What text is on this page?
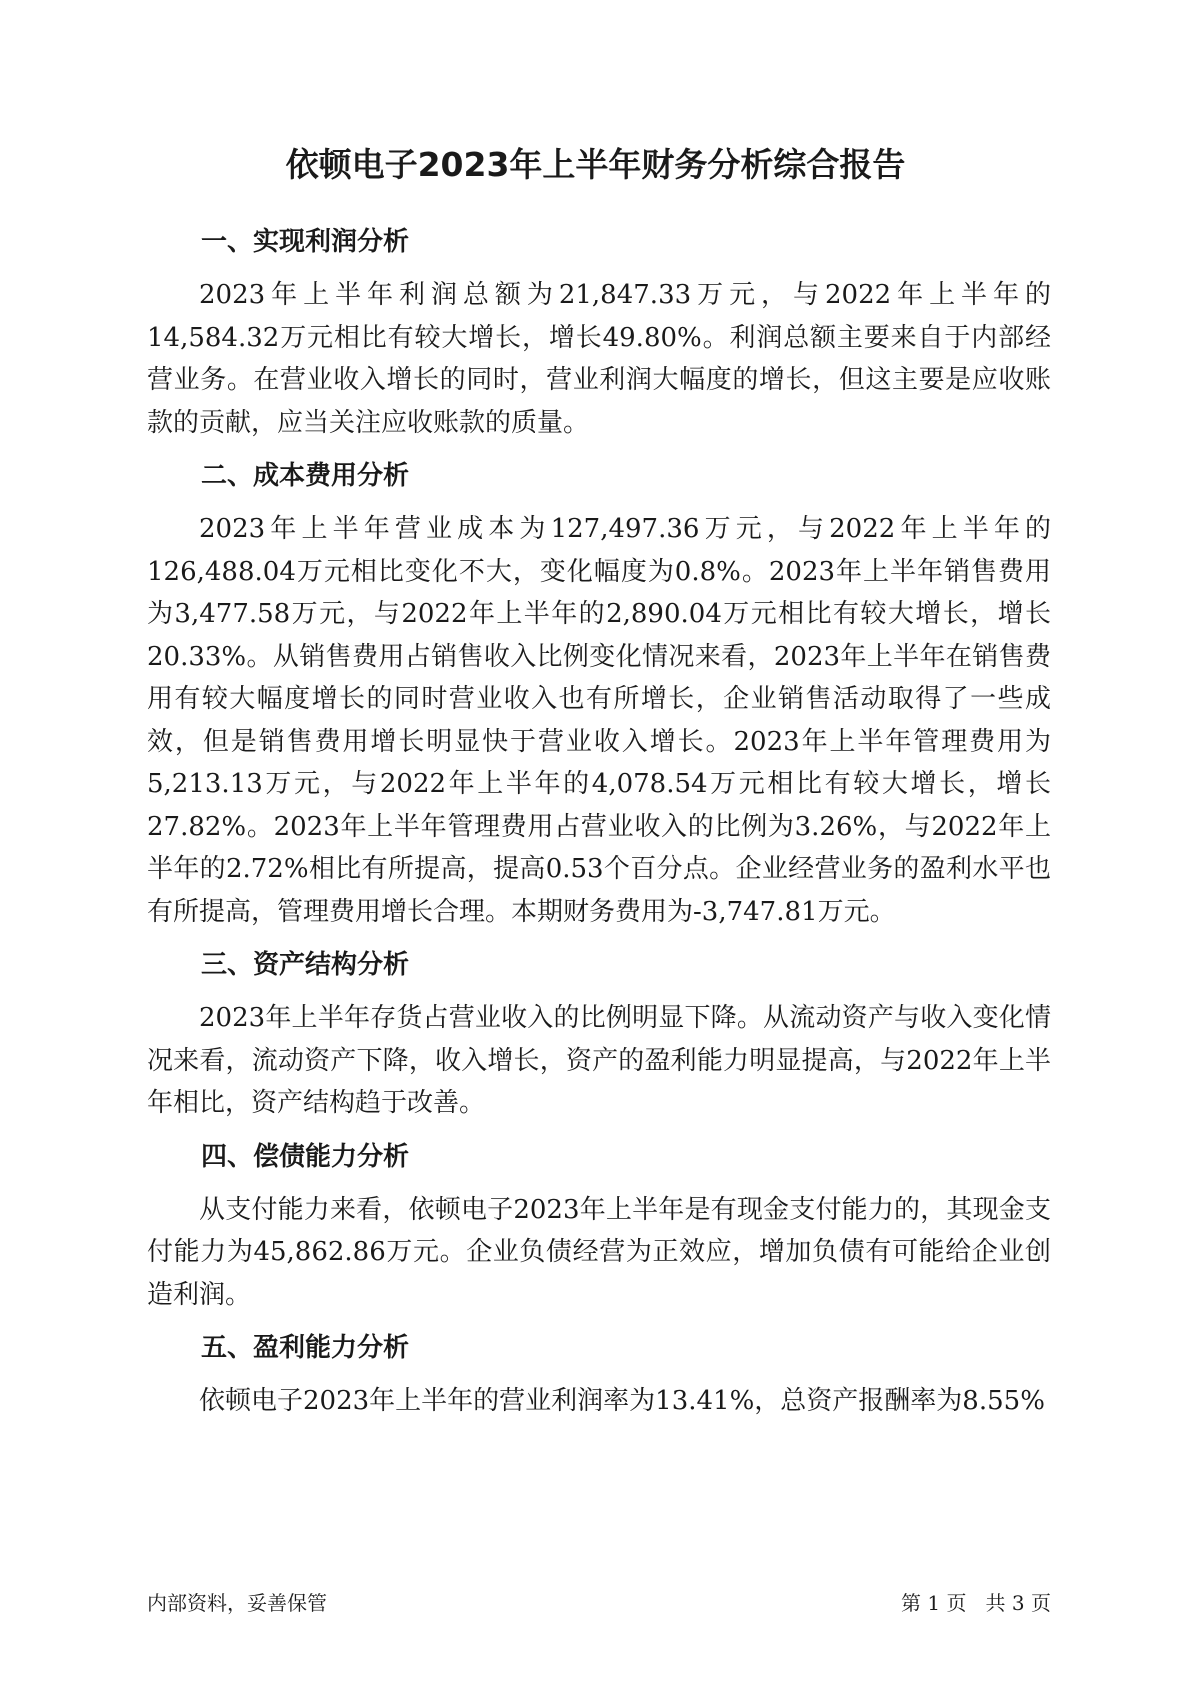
依顿电子2023年上半年财务分析综合报告
一、实现利润分析

2023年上半年利润总额为21,847.33万元，与2022年上半年的14,584.32万元相比有较大增长，增长49.80%。利润总额主要来自于内部经营业务。在营业收入增长的同时，营业利润大幅度的增长，但这主要是应收账款的贡献，应当关注应收账款的质量。

二、成本费用分析

2023年上半年营业成本为127,497.36万元，与2022年上半年的126,488.04万元相比变化不大，变化幅度为0.8%。2023年上半年销售费用为3,477.58万元，与2022年上半年的2,890.04万元相比有较大增长，增长20.33%。从销售费用占销售收入比例变化情况来看，2023年上半年在销售费用有较大幅度增长的同时营业收入也有所增长，企业销售活动取得了一些成效，但是销售费用增长明显快于营业收入增长。2023年上半年管理费用为5,213.13万元，与2022年上半年的4,078.54万元相比有较大增长，增长27.82%。2023年上半年管理费用占营业收入的比例为3.26%，与2022年上半年的2.72%相比有所提高，提高0.53个百分点。企业经营业务的盈利水平也有所提高，管理费用增长合理。本期财务费用为-3,747.81万元。

三、资产结构分析

2023年上半年存货占营业收入的比例明显下降。从流动资产与收入变化情况来看，流动资产下降，收入增长，资产的盈利能力明显提高，与2022年上半年相比，资产结构趋于改善。

四、偿债能力分析

从支付能力来看，依顿电子2023年上半年是有现金支付能力的，其现金支付能力为45,862.86万元。企业负债经营为正效应，增加负债有可能给企业创造利润。

五、盈利能力分析

依顿电子2023年上半年的营业利润率为13.41%，总资产报酬率为8.55%

内部资料，妥善保管	第 1 页 共 3 页
